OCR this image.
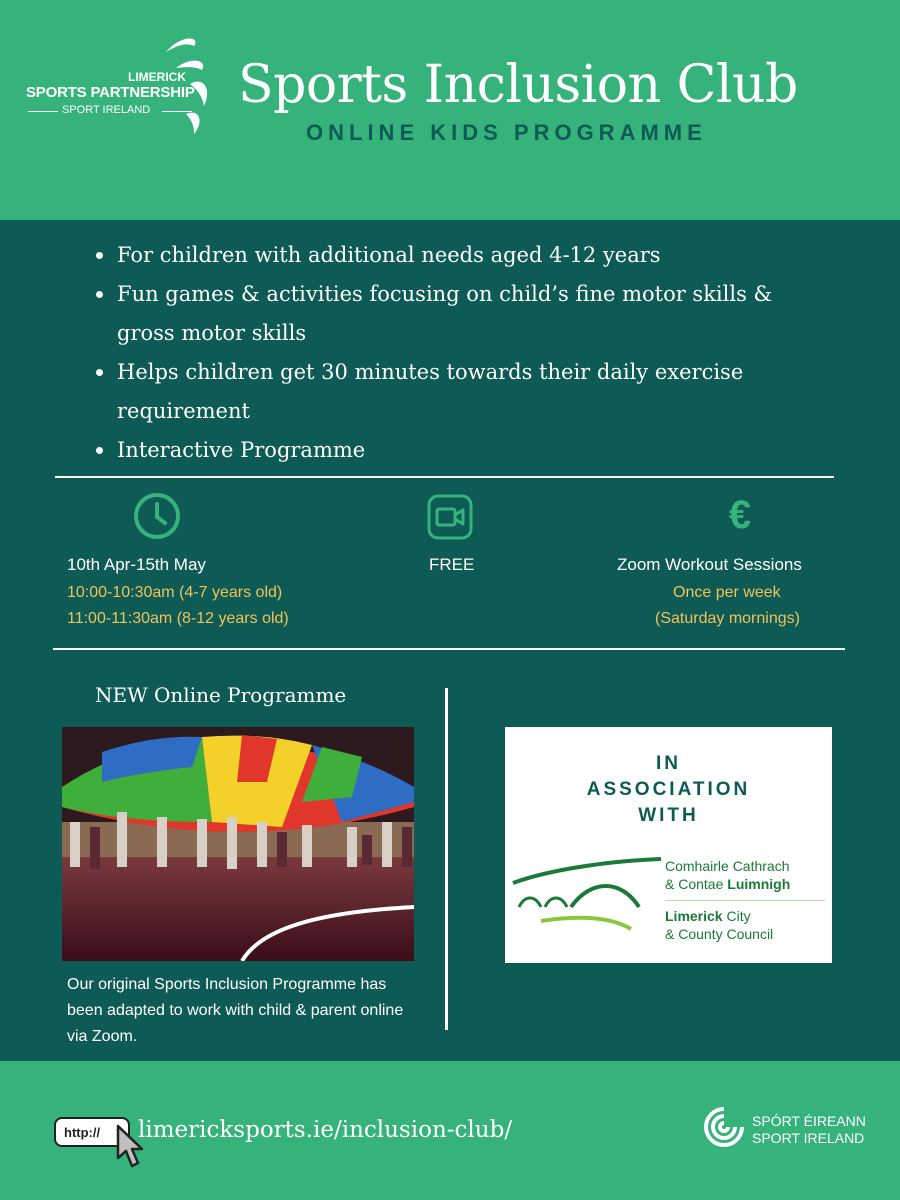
LIMERICK
SPORTS PARTNERSHIP
SPORT IRELAND Sports Inclusion Club
ONLINE KIDS PROGRAMME
For children with additional needs aged 4-12 years
Fun games & activities focusing on child’s fine motor skills & gross motor skills
Helps children get 30 minutes towards their daily exercise requirement
Interactive Programme
€
10th Apr-15th May
10:00-10:30am (4-7 years old)
11:00-11:30am (8-12 years old)
FREE	Zoom Workout Sessions
Once per week
(Saturday mornings)
NEW Online Programme
Our original Sports Inclusion Programme has been adapted to work with child & parent online via Zoom.
IN
ASSOCIATION
WITH
Comhairle Cathrach
& Contae Luimnigh
Limerick City
& County Council
http://	limericksports.ie/inclusion-club/	SPÓRT ÉIREANN
SPORT IRELAND
